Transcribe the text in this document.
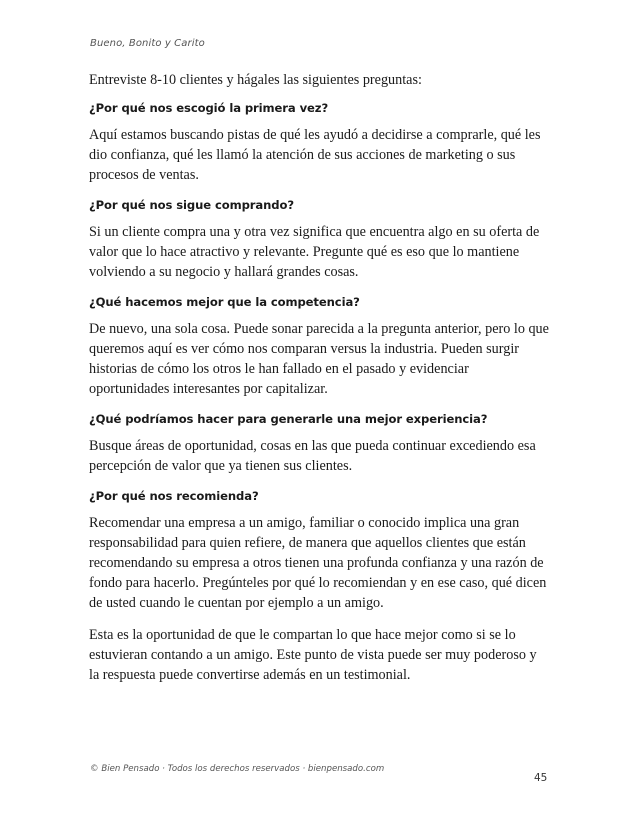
Bueno, Bonito y Carito

Entreviste 8-10 clientes y hágales las siguientes preguntas:

¿Por qué nos escogió la primera vez?

Aquí estamos buscando pistas de qué les ayudó a decidirse a comprarle, qué les dio confianza, qué les llamó la atención de sus acciones de marketing o sus procesos de ventas.

¿Por qué nos sigue comprando?

Si un cliente compra una y otra vez significa que encuentra algo en su oferta de valor que lo hace atractivo y relevante. Pregunte qué es eso que lo mantiene volviendo a su negocio y hallará grandes cosas.

¿Qué hacemos mejor que la competencia?

De nuevo, una sola cosa. Puede sonar parecida a la pregunta anterior, pero lo que queremos aquí es ver cómo nos comparan versus la industria. Pueden surgir historias de cómo los otros le han fallado en el pasado y evidenciar oportunidades interesantes por capitalizar.

¿Qué podríamos hacer para generarle una mejor experiencia?

Busque áreas de oportunidad, cosas en las que pueda continuar excediendo esa percepción de valor que ya tienen sus clientes.

¿Por qué nos recomienda?

Recomendar una empresa a un amigo, familiar o conocido implica una gran responsabilidad para quien refiere, de manera que aquellos clientes que están recomendando su empresa a otros tienen una profunda confianza y una razón de fondo para hacerlo. Pregúnteles por qué lo recomiendan y en ese caso, qué dicen de usted cuando le cuentan por ejemplo a un amigo.

Esta es la oportunidad de que le compartan lo que hace mejor como si se lo estuvieran contando a un amigo. Este punto de vista puede ser muy poderoso y la respuesta puede convertirse además en un testimonial.

© Bien Pensado · Todos los derechos reservados · bienpensado.com
45
